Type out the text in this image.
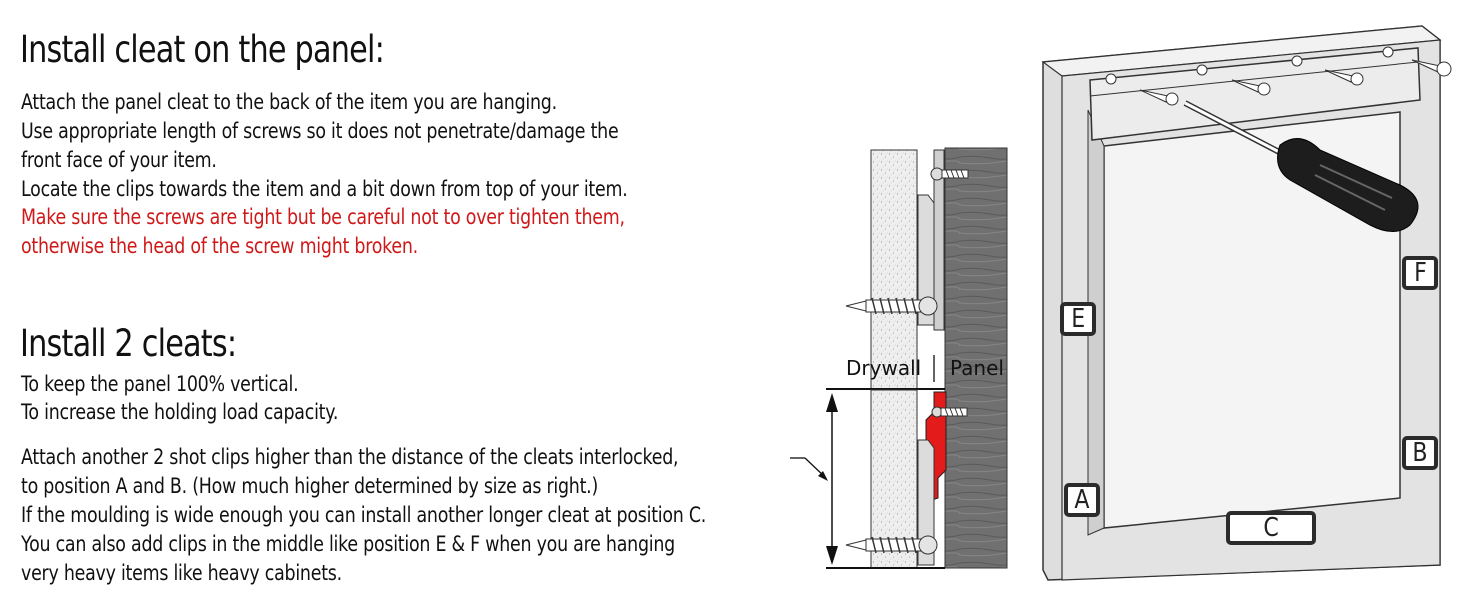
Install cleat on the panel:

Attach the panel cleat to the back of the item you are hanging.

Use appropriate length of screws so it does not penetrate/damage the

front face of your item.

Locate the clips towards the item and a bit down from top of your item.

Make sure the screws are tight but be careful not to over tighten them,

otherwise the head of the screw might broken.

Install 2 cleats:

To keep the panel 100% vertical.

To increase the holding load capacity.

Attach another 2 shot clips higher than the distance of the cleats interlocked,

to position A and B. (How much higher determined by size as right.)

If the moulding is wide enough you can install another longer cleat at position C.

You can also add clips in the middle like position E & F when you are hanging

very heavy items like heavy cabinets.

Drywall Panel
E
F
B
A
C
